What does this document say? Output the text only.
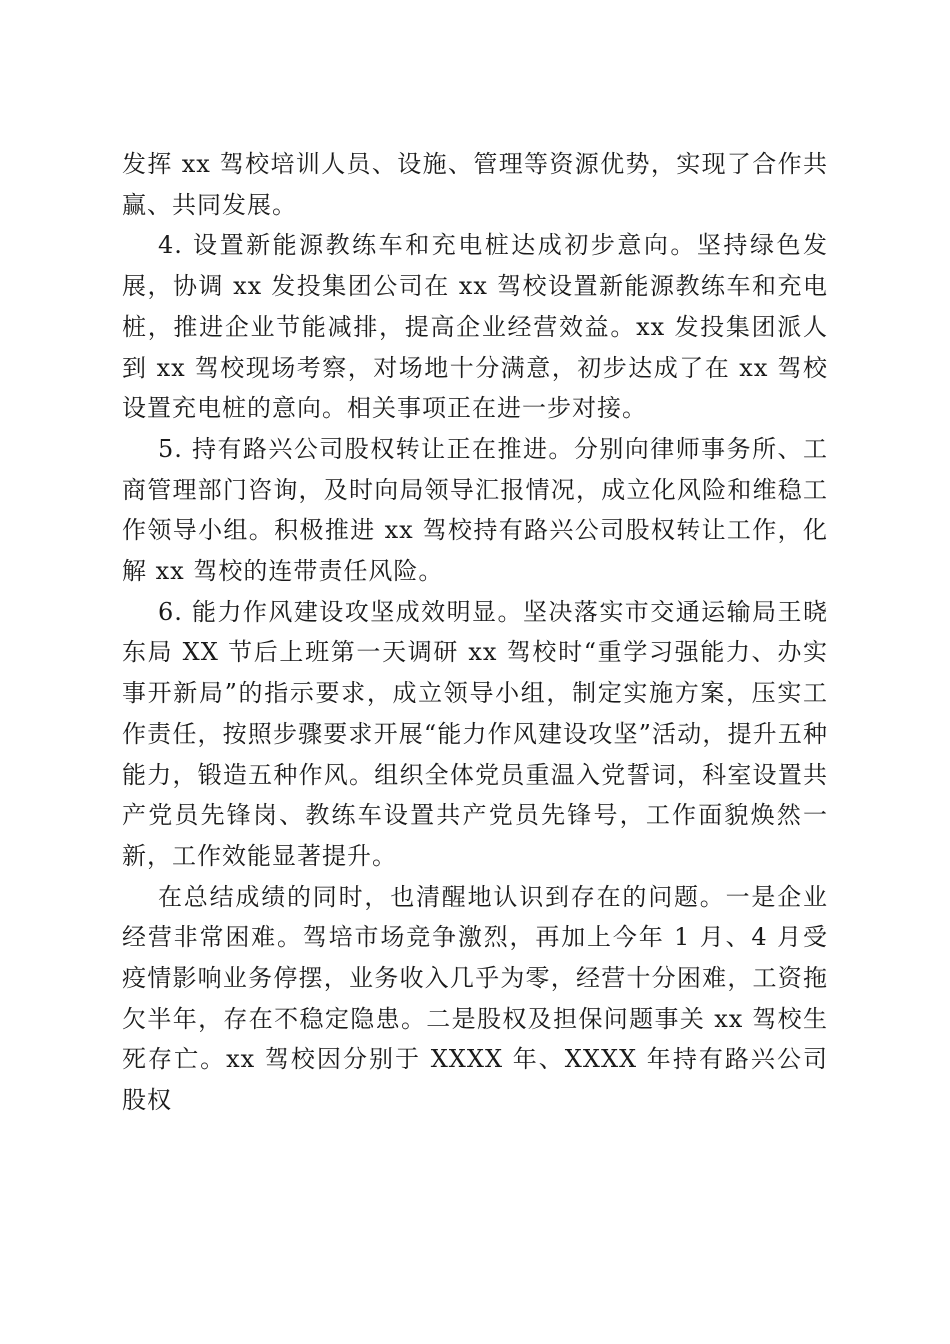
发挥 xx 驾校培训人员、设施、管理等资源优势，实现了合作共赢、共同发展。

4. 设置新能源教练车和充电桩达成初步意向。坚持绿色发展，协调 xx 发投集团公司在 xx 驾校设置新能源教练车和充电桩，推进企业节能减排，提高企业经营效益。xx 发投集团派人到 xx 驾校现场考察，对场地十分满意，初步达成了在 xx 驾校设置充电桩的意向。相关事项正在进一步对接。

5. 持有路兴公司股权转让正在推进。分别向律师事务所、工商管理部门咨询，及时向局领导汇报情况，成立化风险和维稳工作领导小组。积极推进 xx 驾校持有路兴公司股权转让工作，化解 xx 驾校的连带责任风险。

6. 能力作风建设攻坚成效明显。坚决落实市交通运输局王晓东局 XX 节后上班第一天调研 xx 驾校时“重学习强能力、办实事开新局”的指示要求，成立领导小组，制定实施方案，压实工作责任，按照步骤要求开展“能力作风建设攻坚”活动，提升五种能力，锻造五种作风。组织全体党员重温入党誓词，科室设置共产党员先锋岗、教练车设置共产党员先锋号，工作面貌焕然一新，工作效能显著提升。

在总结成绩的同时，也清醒地认识到存在的问题。一是企业经营非常困难。驾培市场竞争激烈，再加上今年 1 月、4 月受疫情影响业务停摆，业务收入几乎为零，经营十分困难，工资拖欠半年，存在不稳定隐患。二是股权及担保问题事关 xx 驾校生死存亡。xx 驾校因分别于 XXXX 年、XXXX 年持有路兴公司股权
